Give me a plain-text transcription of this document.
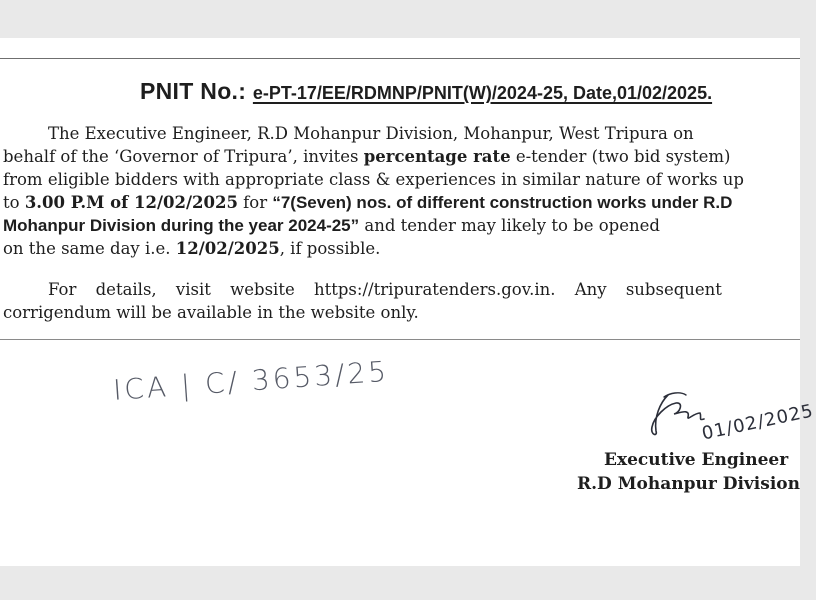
PNIT No.: e-PT-17/EE/RDMNP/PNIT(W)/2024-25, Date,01/02/2025.
The Executive Engineer, R.D Mohanpur Division, Mohanpur, West Tripura on
behalf of the ‘Governor of Tripura’, invites percentage rate e-tender (two bid system)
from eligible bidders with appropriate class & experiences in similar nature of works up
to 3.00 P.M of 12/02/2025 for “7(Seven) nos. of different construction works under R.D
Mohanpur Division during the year 2024-25” and tender may likely to be opened
on the same day i.e. 12/02/2025, if possible.
For details, visit website https://tripuratenders.gov.in. Any subsequent
corrigendum will be available in the website only.
ICA | C/ 3653/25
01/02/2025
Executive Engineer
R.D Mohanpur Division
